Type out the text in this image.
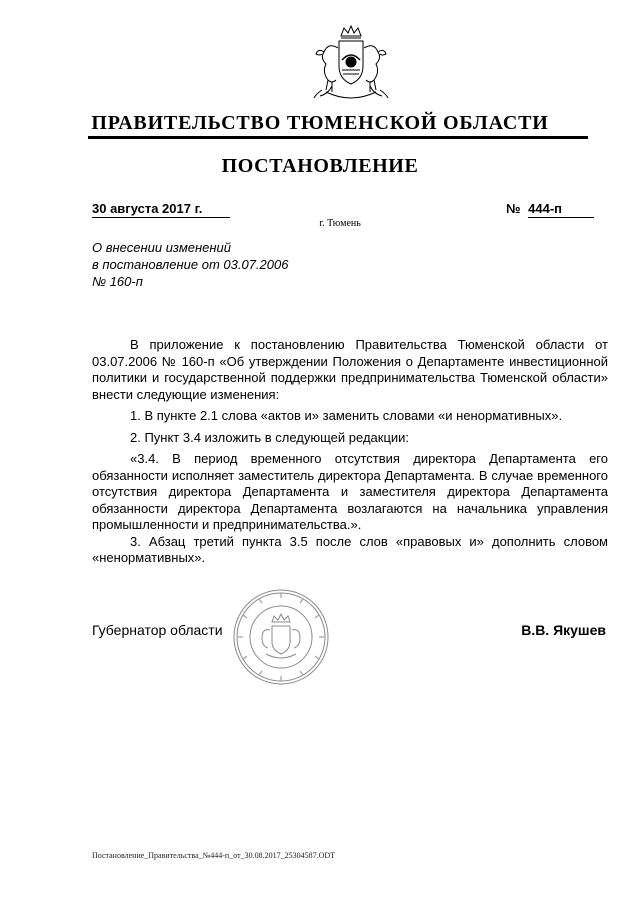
ПРАВИТЕЛЬСТВО ТЮМЕНСКОЙ ОБЛАСТИ
ПОСТАНОВЛЕНИЕ
30 августа 2017 г.	№ 444-п
г. Тюмень
О внесении изменений
в постановление от 03.07.2006
№ 160-п

В приложение к постановлению Правительства Тюменской области от 03.07.2006 № 160-п «Об утверждении Положения о Департаменте инвестиционной политики и государственной поддержки предпринимательства Тюменской области» внести следующие изменения:

1. В пункте 2.1 слова «актов и» заменить словами «и ненормативных».

2. Пункт 3.4 изложить в следующей редакции:

«3.4. В период временного отсутствия директора Департамента его обязанности исполняет заместитель директора Департамента. В случае временного отсутствия директора Департамента и заместителя директора Департамента обязанности директора Департамента возлагаются на начальника управления промышленности и предпринимательства.».

3. Абзац третий пункта 3.5 после слов «правовых и» дополнить словом «ненормативных».

Губернатор области	В.В. Якушев
Постановление_Правительства_№444-п_от_30.08.2017_25304587.ODT
